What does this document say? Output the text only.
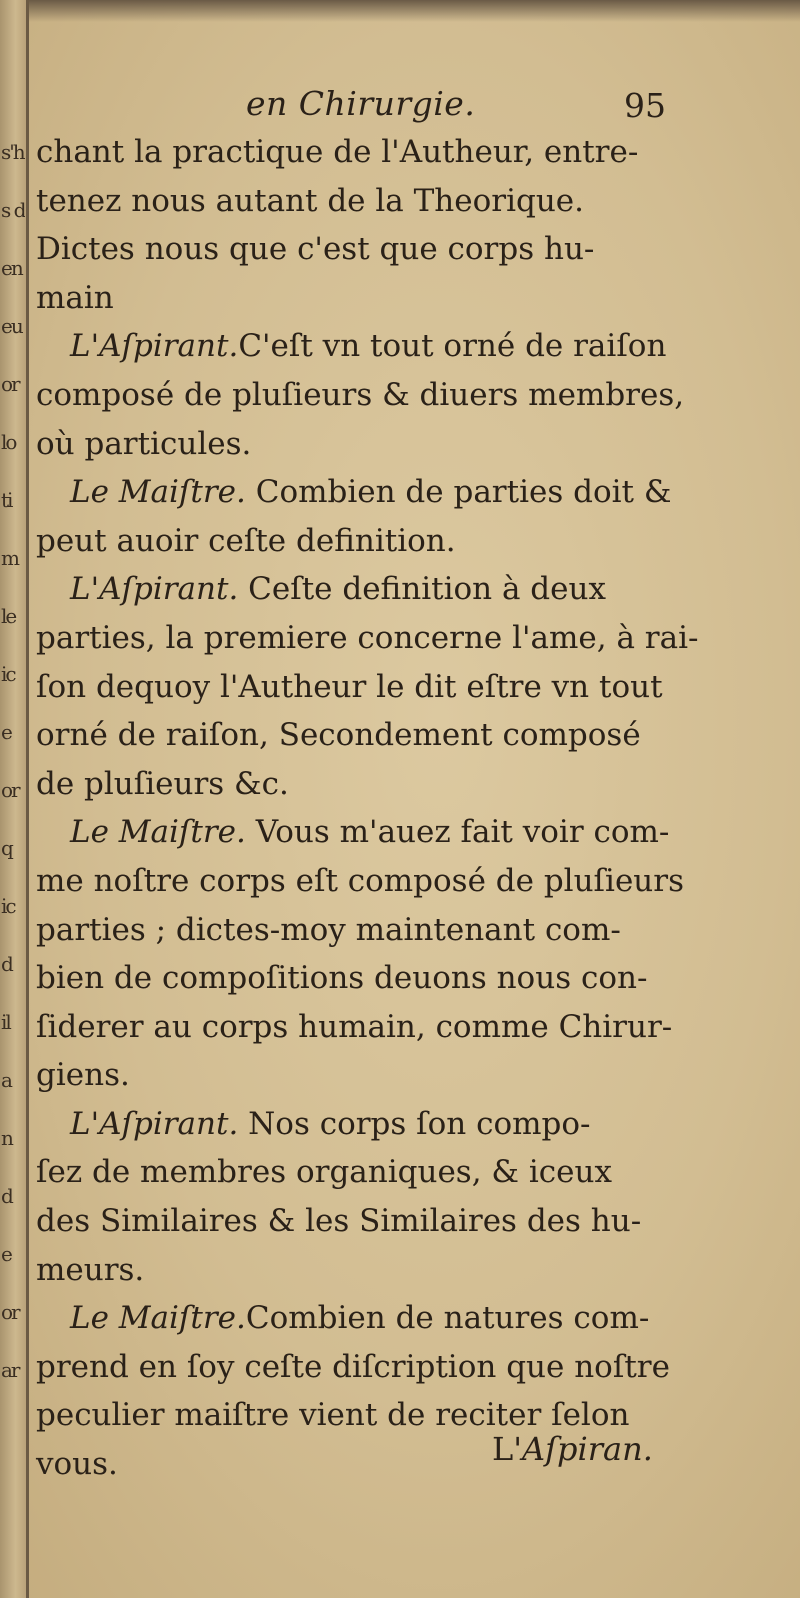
s'h
s d
en
eu
or
lo
ti
m
le
ic
e
or
q
ic
d
il
a
n
d
e
or
ar
en Chirurgie.	95
chant la practique de l'Autheur, entre-
tenez nous autant de la Theorique.
Dictes nous que c'est que corps hu-
main
L'Aſpirant.C'eſt vn tout orné de raiſon
composé de pluſieurs & diuers membres,
où particules.
Le Maiſtre. Combien de parties doit &
peut auoir ceſte definition.
L'Aſpirant. Ceſte definition à deux
parties, la premiere concerne l'ame, à rai-
ſon dequoy l'Autheur le dit eſtre vn tout
orné de raiſon, Secondement composé
de pluſieurs &c.
Le Maiſtre. Vous m'auez fait voir com-
me noſtre corps eſt composé de pluſieurs
parties ; dictes-moy maintenant com-
bien de compoſitions deuons nous con-
ſiderer au corps humain, comme Chirur-
giens.
L'Aſpirant. Nos corps ſon compo-
ſez de membres organiques, & iceux
des Similaires & les Similaires des hu-
meurs.
Le Maiſtre.Combien de natures com-
prend en ſoy ceſte diſcription que noſtre
peculier maiſtre vient de reciter ſelon
vous.	L'Aſpiran.
